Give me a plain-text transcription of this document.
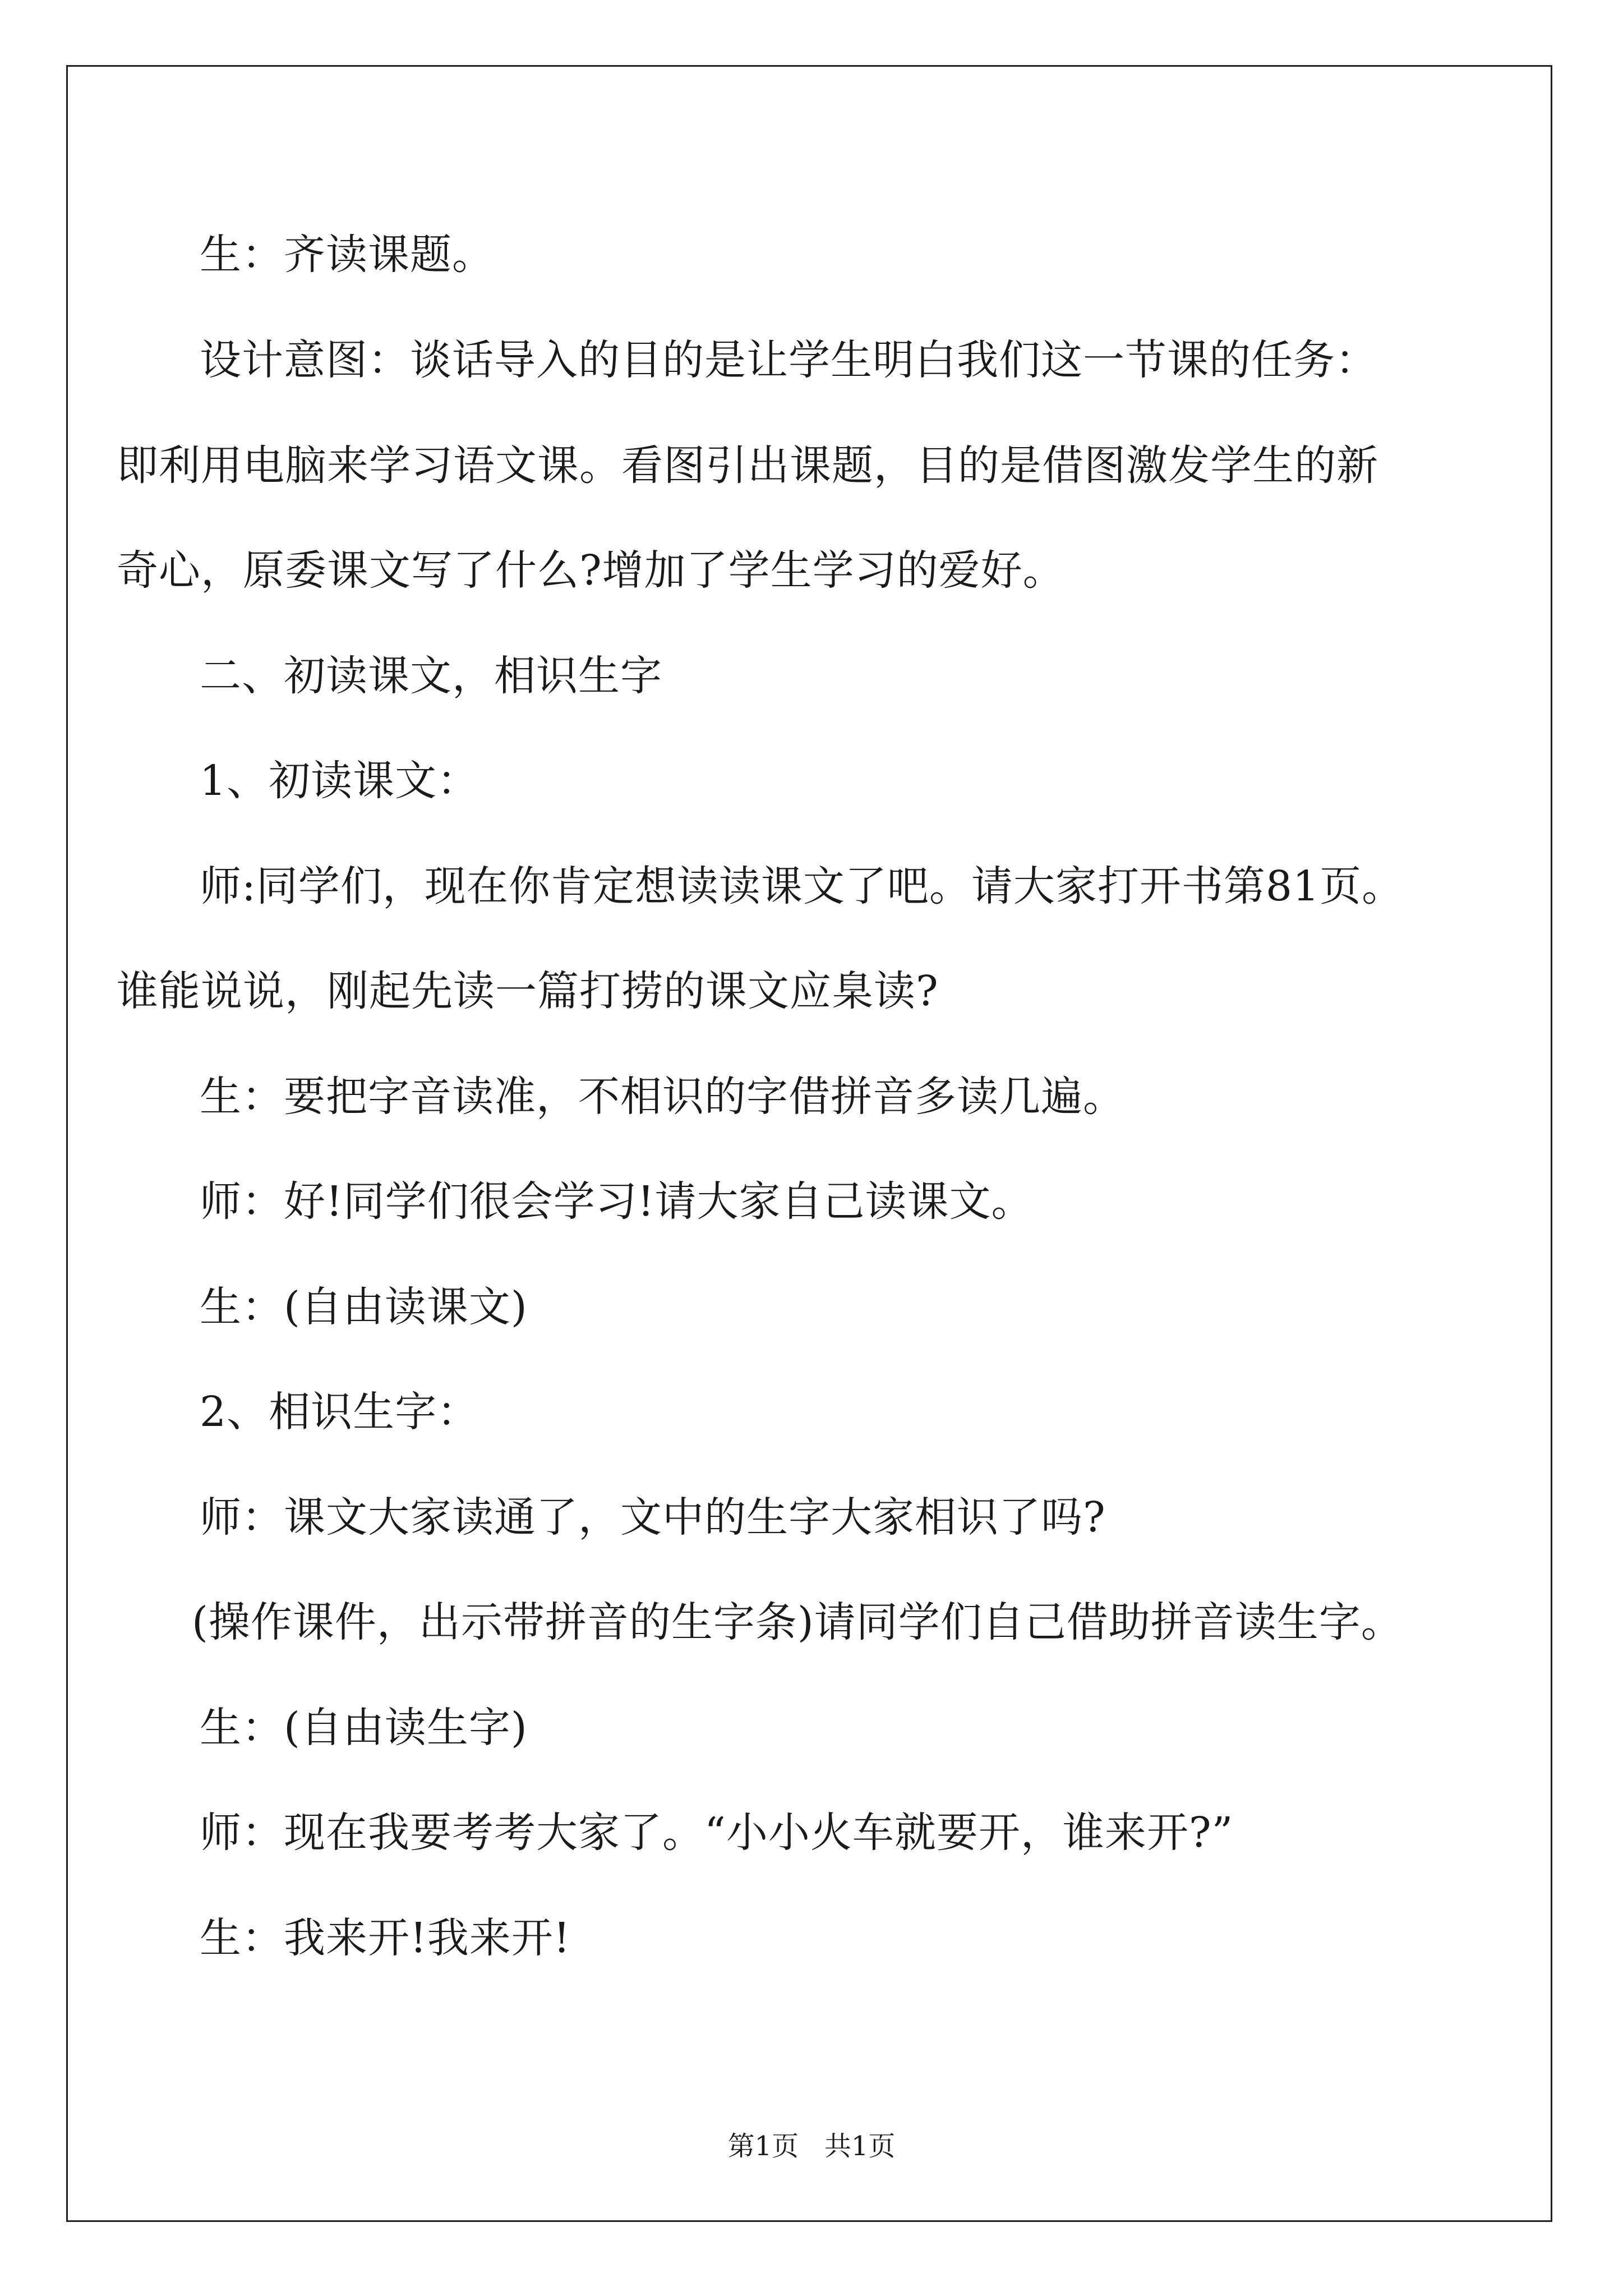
生：齐读课题。
设计意图：谈话导入的目的是让学生明白我们这一节课的任务：
即利用电脑来学习语文课。看图引出课题，目的是借图激发学生的新
奇心，原委课文写了什么?增加了学生学习的爱好。
二、初读课文，相识生字
1、初读课文：
师:同学们，现在你肯定想读读课文了吧。请大家打开书第81页。
谁能说说，刚起先读一篇打捞的课文应臬读?
生：要把字音读准，不相识的字借拼音多读几遍。
师：好!同学们很会学习!请大家自己读课文。
生：(自由读课文)
2、相识生字：
师：课文大家读通了，文中的生字大家相识了吗?
(操作课件，出示带拼音的生字条)请同学们自己借助拼音读生字。
生：(自由读生字)
师：现在我要考考大家了。“小小火车就要开，谁来开?”
生：我来开!我来开!
第1页   共1页
